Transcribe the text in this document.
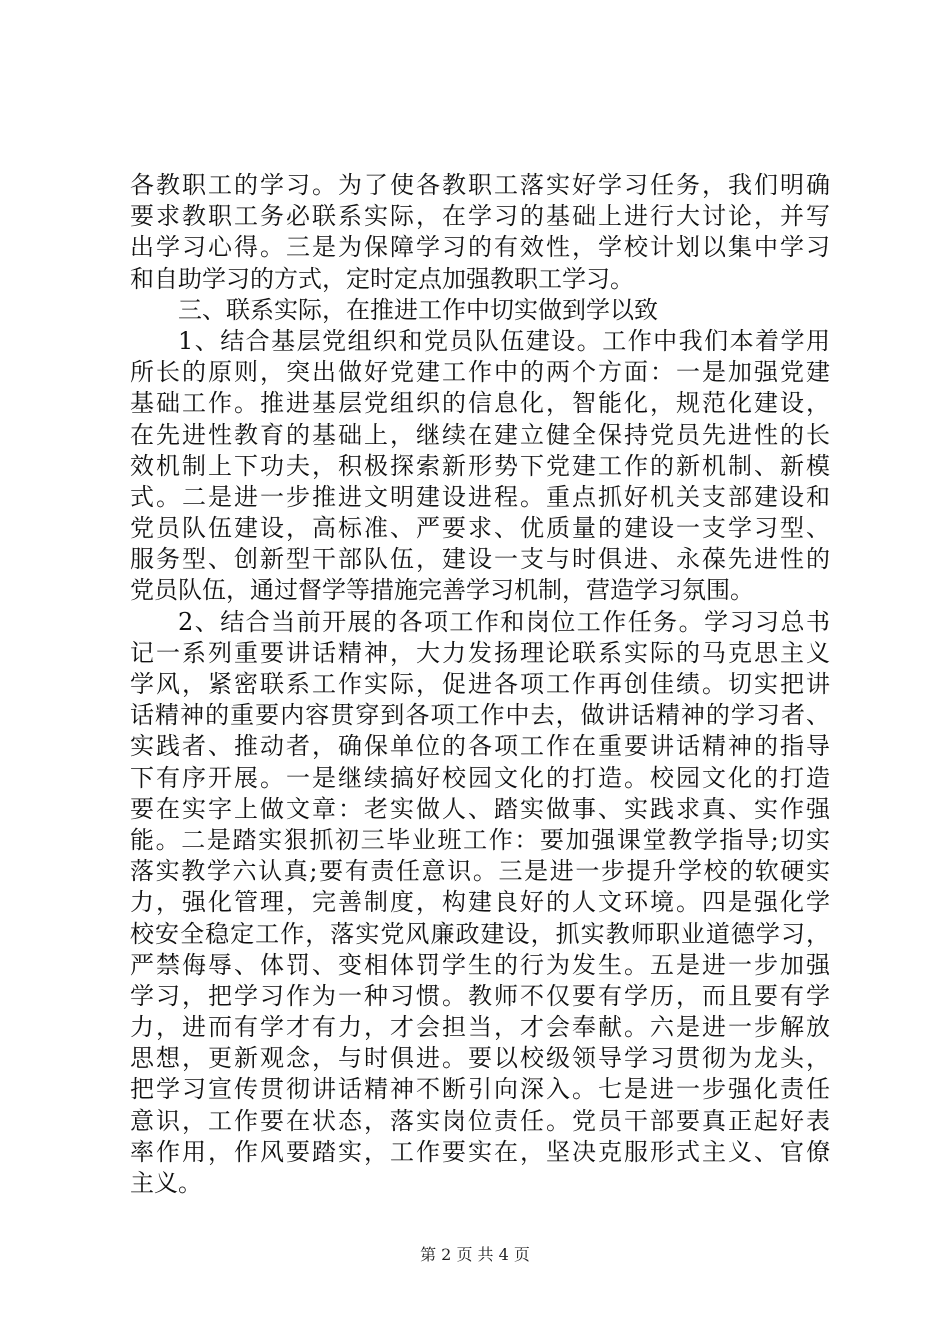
各教职工的学习。为了使各教职工落实好学习任务，我们明确
要求教职工务必联系实际，在学习的基础上进行大讨论，并写
出学习心得。三是为保障学习的有效性，学校计划以集中学习
和自助学习的方式，定时定点加强教职工学习。
三、联系实际，在推进工作中切实做到学以致
1、结合基层党组织和党员队伍建设。工作中我们本着学用
所长的原则，突出做好党建工作中的两个方面：一是加强党建
基础工作。推进基层党组织的信息化，智能化，规范化建设，
在先进性教育的基础上，继续在建立健全保持党员先进性的长
效机制上下功夫，积极探索新形势下党建工作的新机制、新模
式。二是进一步推进文明建设进程。重点抓好机关支部建设和
党员队伍建设，高标准、严要求、优质量的建设一支学习型、
服务型、创新型干部队伍，建设一支与时俱进、永葆先进性的
党员队伍，通过督学等措施完善学习机制，营造学习氛围。
2、结合当前开展的各项工作和岗位工作任务。学习习总书
记一系列重要讲话精神，大力发扬理论联系实际的马克思主义
学风，紧密联系工作实际，促进各项工作再创佳绩。切实把讲
话精神的重要内容贯穿到各项工作中去，做讲话精神的学习者、
实践者、推动者，确保单位的各项工作在重要讲话精神的指导
下有序开展。一是继续搞好校园文化的打造。校园文化的打造
要在实字上做文章：老实做人、踏实做事、实践求真、实作强
能。二是踏实狠抓初三毕业班工作：要加强课堂教学指导;切实
落实教学六认真;要有责任意识。三是进一步提升学校的软硬实
力，强化管理，完善制度，构建良好的人文环境。四是强化学
校安全稳定工作，落实党风廉政建设，抓实教师职业道德学习，
严禁侮辱、体罚、变相体罚学生的行为发生。五是进一步加强
学习，把学习作为一种习惯。教师不仅要有学历，而且要有学
力，进而有学才有力，才会担当，才会奉献。六是进一步解放
思想，更新观念，与时俱进。要以校级领导学习贯彻为龙头，
把学习宣传贯彻讲话精神不断引向深入。七是进一步强化责任
意识，工作要在状态，落实岗位责任。党员干部要真正起好表
率作用，作风要踏实，工作要实在，坚决克服形式主义、官僚
主义。
第 2 页 共 4 页
